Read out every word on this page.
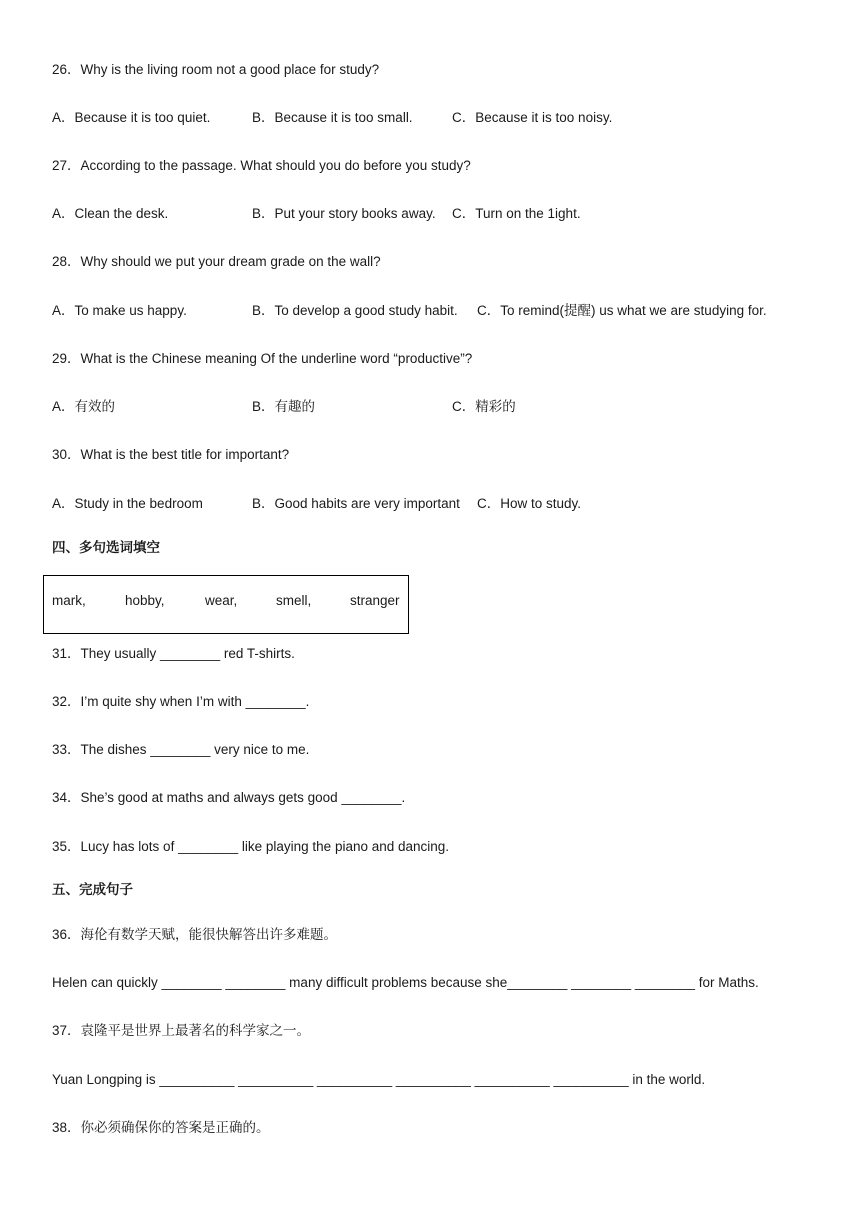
26．Why is the living room not a good place for study?
A．Because it is too quiet.	B．Because it is too small.	C．Because it is too noisy.
27．According to the passage. What should you do before you study?
A．Clean the desk.	B．Put your story books away. C．Turn on the 1ight.
28．Why should we put your dream grade on the wall?
A．To make us happy.	B．To develop a good study habit. C．To remind(提醒) us what we are studying for.
29．What is the Chinese meaning Of the underline word “productive”?
A．有效的	B．有趣的	C．精彩的
30．What is the best title for important?
A．Study in the bedroom	B．Good habits are very important C．How to study.
四、多句选词填空
mark,	hobby,	wear,	smell,	stranger
31．They usually ________ red T-shirts.
32．I’m quite shy when I’m with ________.
33．The dishes ________ very nice to me.
34．She’s good at maths and always gets good ________.
35．Lucy has lots of ________ like playing the piano and dancing.
五、完成句子
36．海伦有数学天赋，能很快解答出许多难题。
Helen can quickly ________ ________ many difficult problems because she________ ________ ________ for Maths.
37．袁隆平是世界上最著名的科学家之一。
Yuan Longping is __________ __________ __________ __________ __________ __________ in the world.
38．你必须确保你的答案是正确的。
